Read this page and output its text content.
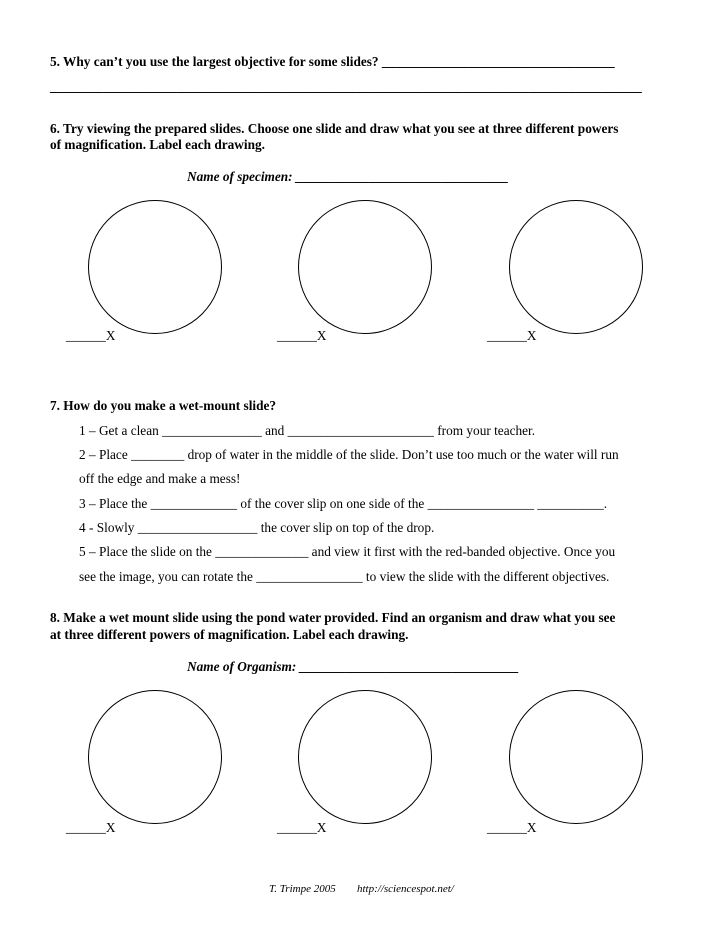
5. Why can’t you use the largest objective for some slides? ___________________________________
_________________________________________________________________________________________
6. Try viewing the prepared slides. Choose one slide and draw what you see at three different powers
of magnification. Label each drawing.
Name of specimen: ________________________________
______X	______X	______X
7. How do you make a wet-mount slide?
1 – Get a clean _______________ and ______________________ from your teacher.
2 – Place ________ drop of water in the middle of the slide. Don’t use too much or the water will run
off the edge and make a mess!
3 – Place the _____________ of the cover slip on one side of the ________________ __________.
4 - Slowly __________________ the cover slip on top of the drop.
5 – Place the slide on the ______________ and view it first with the red-banded objective. Once you
see the image, you can rotate the ________________ to view the slide with the different objectives.
8. Make a wet mount slide using the pond water provided. Find an organism and draw what you see
at three different powers of magnification. Label each drawing.
Name of Organism: _________________________________
______X	______X	______X
T. Trimpe 2005 http://sciencespot.net/
